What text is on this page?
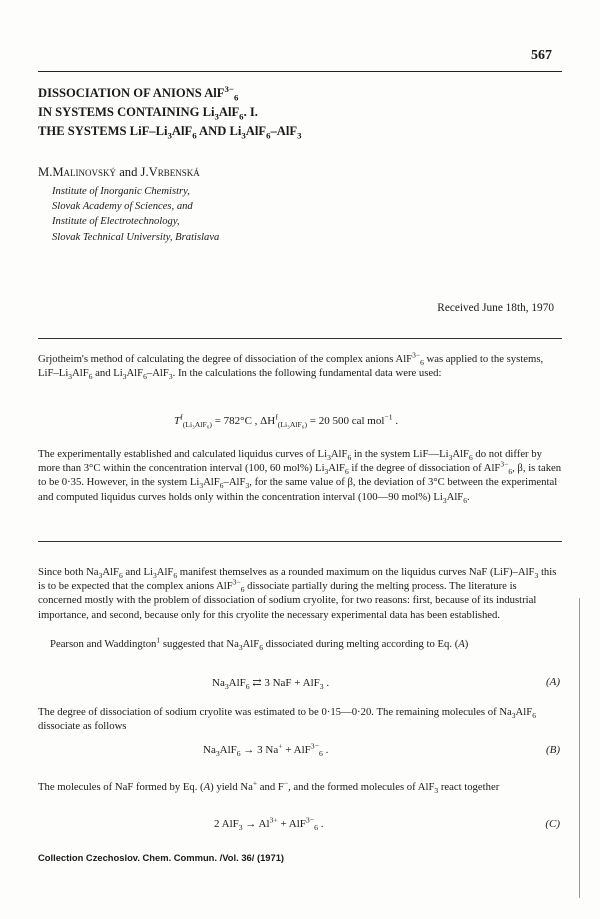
567
DISSOCIATION OF ANIONS AlF$^{3-}_6$
IN SYSTEMS CONTAINING $Li_3AlF_6$. I.
THE SYSTEMS LiF–$Li_3AlF_6$ AND $Li_3AlF_6-AlF_3$
M.Malinovský and J.Vrbenská
Institute of Inorganic Chemistry,
Slovak Academy of Sciences, and
Institute of Electrotechnology,
Slovak Technical University, Bratislava
Received June 18th, 1970

Grjotheim's method of calculating the degree of dissociation of the complex anions AlF$^{3-}_6$ was applied to the systems, LiF–$Li_3AlF_6$ and $Li_3AlF_6-AlF_3$. In the calculations the following fundamental data were used:

$T^f_{(Li_3AlF_6)} = 782^\circ C$ , $\Delta H^f_{(Li_3AlF_6)} = 20$ 500 cal mol$^{-1}$ .

The experimentally established and calculated liquidus curves of $Li_3AlF_6$ in the system LiF–$-Li_3AlF_6$ do not differ by more than 3°C within the concentration interval (100, 60 mol%) $Li_3AlF_6$ if the degree of dissociation of AlF$^{3-}_6$, β, is taken to be 0·35. However, in the system $Li_3AlF_6-AlF_3$, for the same value of β, the deviation of 3°C between the experimental and computed liquidus curves holds only within the concentration interval (100—90 mol%) $Li_3AlF_6$.

Since both $Na_3AlF_6$ and $Li_3AlF_6$ manifest themselves as a rounded maximum on the liquidus curves NaF (LiF)–AlF$_3$ this is to be expected that the complex anions AlF$^{3-}_6$ dissociate partially during the melting process. The literature is concerned mostly with the problem of dissociation of sodium cryolite, for two reasons: first, because of its industrial importance, and second, because only for this cryolite the necessary experimental data has been established.

Pearson and Waddington$^1$ suggested that $Na_3AlF_6$ dissociated during melting according to Eq. (A)

$Na_3AlF_6$ ⇄ 3 NaF + AlF$_3$ .	(A)

The degree of dissociation of sodium cryolite was estimated to be 0·15—0·20. The remaining molecules of $Na_3AlF_6$ dissociate as follows

$Na_3AlF_6 \to 3$ Na+ + AlF$^{3-}_6$ .	(B)

The molecules of NaF formed by Eq. (A) yield Na+ and F−, and the formed molecules of AlF$_3$ react together

2 $AlF_3 \to Al^{3+} + AlF^{3-}_6$ .	(C)
Collection Czechoslov. Chem. Commun. /Vol. 36/ (1971)
